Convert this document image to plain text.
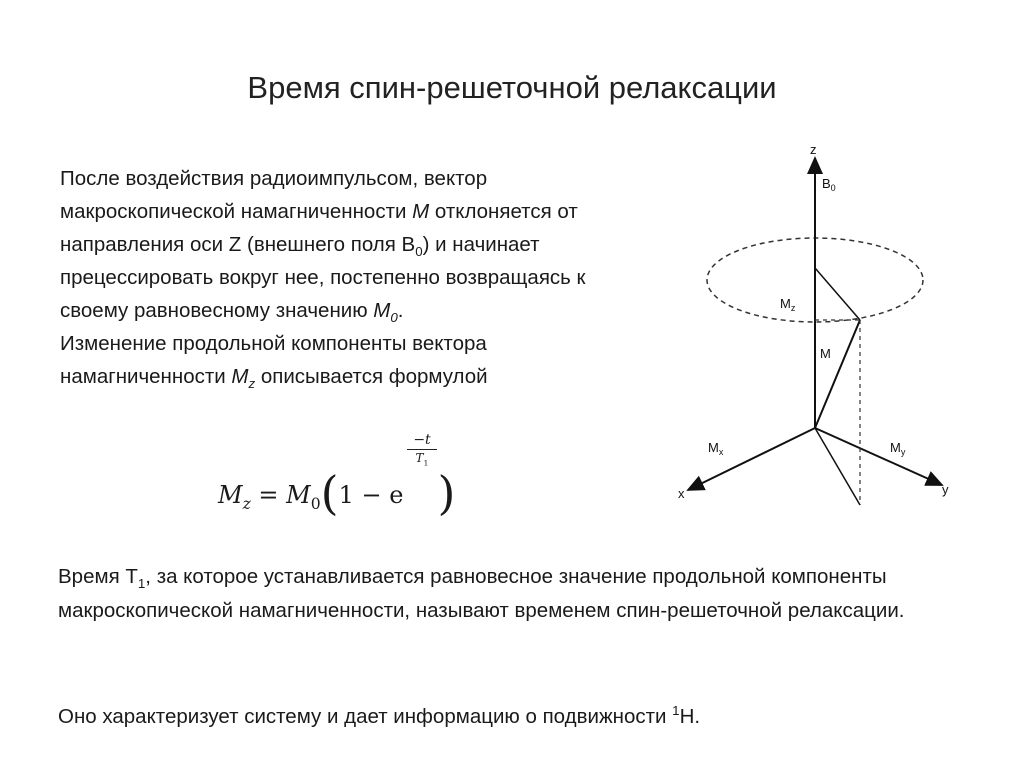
Время спин-решеточной релаксации
После воздействия радиоимпульсом, вектор макроскопической намагниченности M отклоняется от направления оси Z (внешнего поля $B_0$) и начинает прецессировать вокруг нее, постепенно возвращаясь к своему равновесному значению $M_0$.
Изменение продольной компоненты вектора намагниченности $M_z$ описывается формулой
$M_z = M_0(1 - e$ )
$\frac{-t}{T_1}$
z
$B_0$
$M_z$
M
$M_x$	$M_y$
x	y
Время $T_1$, за которое устанавливается равновесное значение продольной компоненты макроскопической намагниченности, называют временем спин-решеточной релаксации.
Оно характеризует систему и дает информацию о подвижности $^1$H.
